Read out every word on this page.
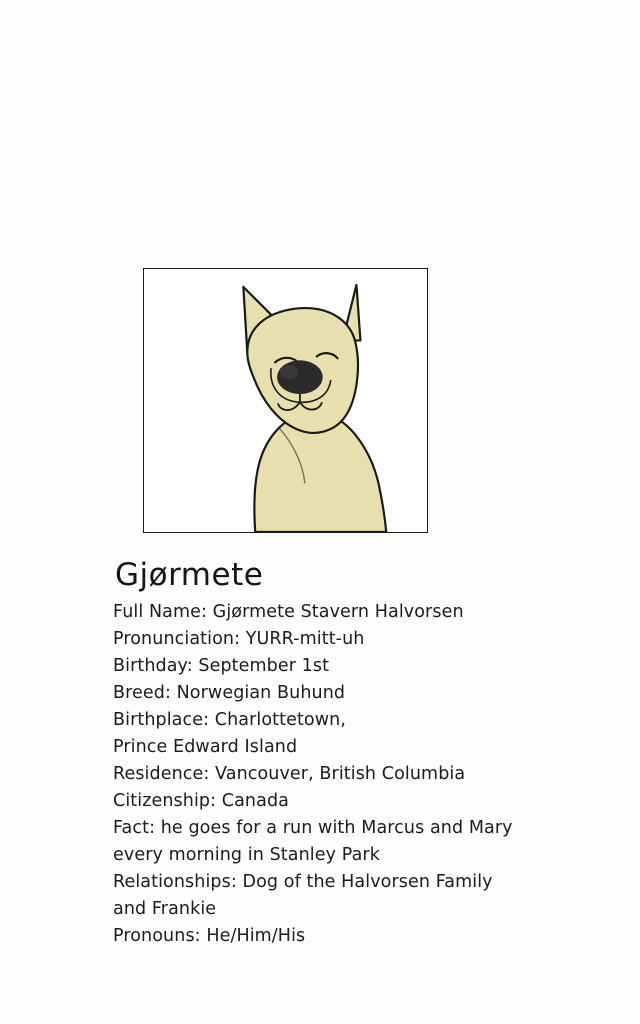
Gjørmete
Full Name: Gjørmete Stavern Halvorsen
Pronunciation: YURR-mitt-uh
Birthday: September 1st
Breed: Norwegian Buhund
Birthplace: Charlottetown,
Prince Edward Island
Residence: Vancouver, British Columbia
Citizenship: Canada
Fact: he goes for a run with Marcus and Mary
every morning in Stanley Park
Relationships: Dog of the Halvorsen Family
and Frankie
Pronouns: He/Him/His
